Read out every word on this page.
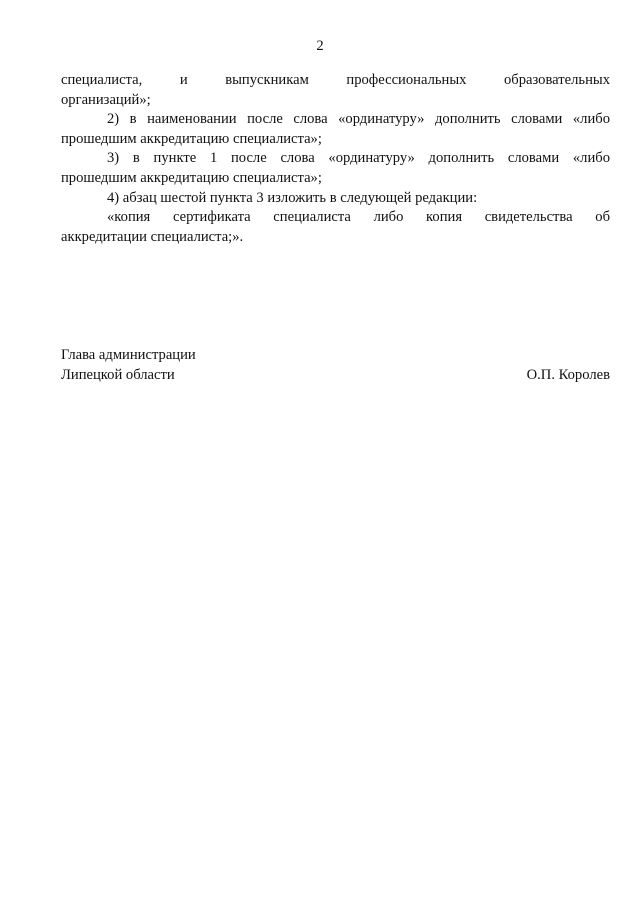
2
специалиста, и выпускникам профессиональных образовательных
организаций»;
2) в наименовании после слова «ординатуру» дополнить словами «либо
прошедшим аккредитацию специалиста»;
3) в пункте 1 после слова «ординатуру» дополнить словами «либо
прошедшим аккредитацию специалиста»;
4) абзац шестой пункта 3 изложить в следующей редакции:
«копия сертификата специалиста либо копия свидетельства об
аккредитации специалиста;».
Глава администрации
Липецкой области	О.П. Королев
